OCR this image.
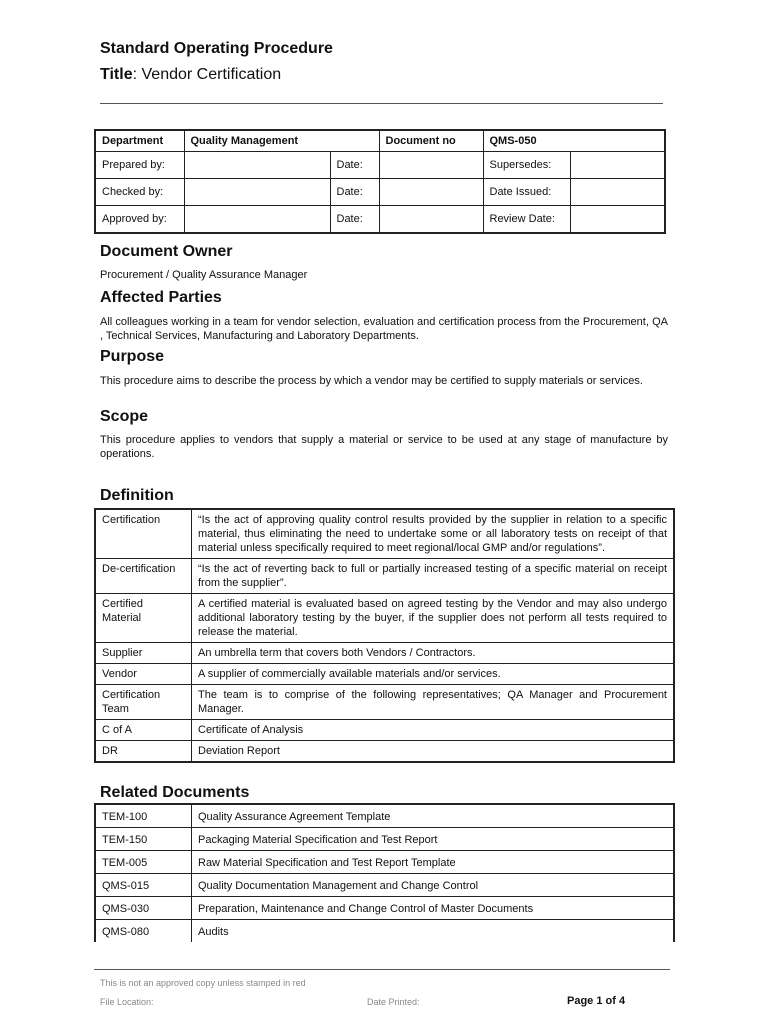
Standard Operating Procedure
Title: Vendor Certification
Department	Quality Management		Document no	QMS-050	
Prepared by:		Date:		Supersedes:	
Checked by:		Date:		Date Issued:	
Approved by:		Date:		Review Date:	
Document Owner
Procurement / Quality Assurance Manager
Affected Parties
All colleagues working in a team for vendor selection, evaluation and certification process from the Procurement, QA , Technical Services, Manufacturing and Laboratory Departments.
Purpose
This procedure aims to describe the process by which a vendor may be certified to supply materials or services.
Scope
This procedure applies to vendors that supply a material or service to be used at any stage of manufacture by operations.
Definition
Certification	“Is the act of approving quality control results provided by the supplier in relation to a specific material, thus eliminating the need to undertake some or all laboratory tests on receipt of that material unless specifically required to meet regional/local GMP and/or regulations”.
De-certification	“Is the act of reverting back to full or partially increased testing of a specific material on receipt from the supplier”.
Certified Material	A certified material is evaluated based on agreed testing by the Vendor and may also undergo additional laboratory testing by the buyer, if the supplier does not perform all tests required to release the material.
Supplier	An umbrella term that covers both Vendors / Contractors.
Vendor	A supplier of commercially available materials and/or services.
Certification Team	The team is to comprise of the following representatives; QA Manager and Procurement Manager.
C of A	Certificate of Analysis
DR	Deviation Report
Related Documents
TEM-100	Quality Assurance Agreement Template
TEM-150	Packaging Material Specification and Test Report
TEM-005	Raw Material Specification and Test Report Template
QMS-015	Quality Documentation Management and Change Control
QMS-030	Preparation, Maintenance and Change Control of Master Documents
QMS-080	Audits
This is not an approved copy unless stamped in red
File Location:	Date Printed:	Page 1 of 4
